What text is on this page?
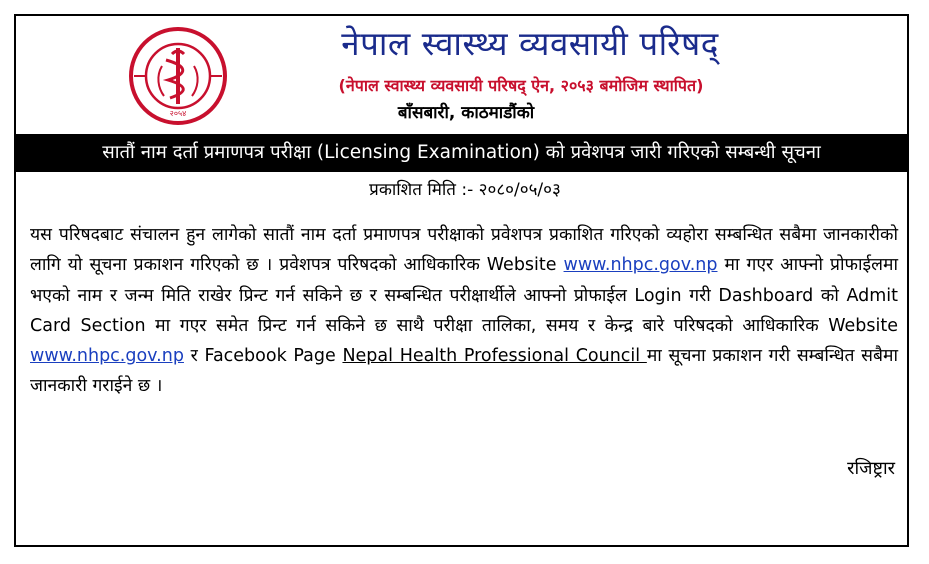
२०५४
नेपाल स्वास्थ्य व्यवसायी परिषद्
(नेपाल स्वास्थ्य व्यवसायी परिषद् ऐन, २०५३ बमोजिम स्थापित)
बाँसबारी, काठमाडौंको
सातौं नाम दर्ता प्रमाणपत्र परीक्षा (Licensing Examination) को प्रवेशपत्र जारी गरिएको सम्बन्धी सूचना
प्रकाशित मिति :- २०८०/०५/०३
यस परिषदबाट संचालन हुन लागेको सातौं नाम दर्ता प्रमाणपत्र परीक्षाको प्रवेशपत्र प्रकाशित गरिएको व्यहोरा सम्बन्धित सबैमा जानकारीको लागि यो सूचना प्रकाशन गरिएको छ । प्रवेशपत्र परिषदको आधिकारिक Website www.nhpc.gov.np मा गएर आफ्नो प्रोफाईलमा भएको नाम र जन्म मिति राखेर प्रिन्ट गर्न सकिने छ र सम्बन्धित परीक्षार्थीले आफ्नो प्रोफाईल Login गरी Dashboard को Admit Card Section मा गएर समेत प्रिन्ट गर्न सकिने छ साथै परीक्षा तालिका, समय र केन्द्र बारे परिषदको आधिकारिक Website www.nhpc.gov.np र Facebook Page Nepal Health Professional Council मा सूचना प्रकाशन गरी सम्बन्धित सबैमा जानकारी गराईने छ ।
रजिष्ट्रार
